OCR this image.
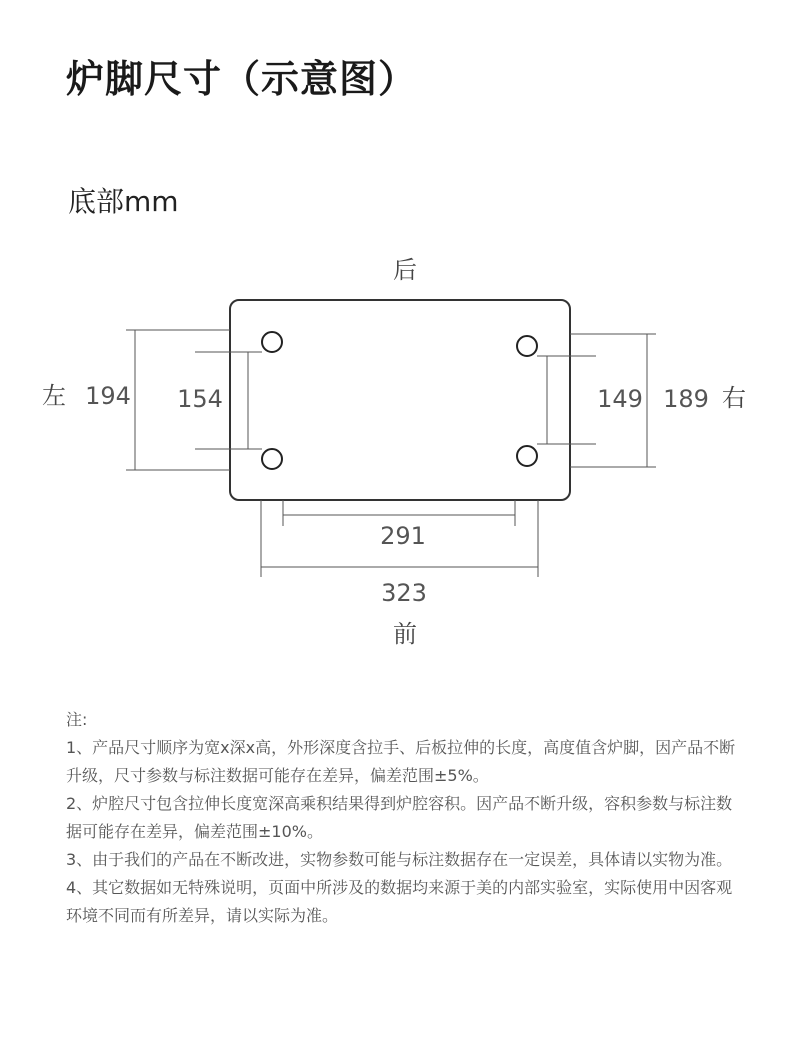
炉脚尺寸（示意图）
底部mm
后
前
左	右
194 154	149 189
291
323

注:

1、产品尺寸顺序为宽x深x高，外形深度含拉手、后板拉伸的长度，高度值含炉脚，因产品不断升级，尺寸参数与标注数据可能存在差异，偏差范围±5%。

2、炉腔尺寸包含拉伸长度宽深高乘积结果得到炉腔容积。因产品不断升级，容积参数与标注数据可能存在差异，偏差范围±10%。

3、由于我们的产品在不断改进，实物参数可能与标注数据存在一定误差，具体请以实物为准。

4、其它数据如无特殊说明，页面中所涉及的数据均来源于美的内部实验室，实际使用中因客观环境不同而有所差异，请以实际为准。
